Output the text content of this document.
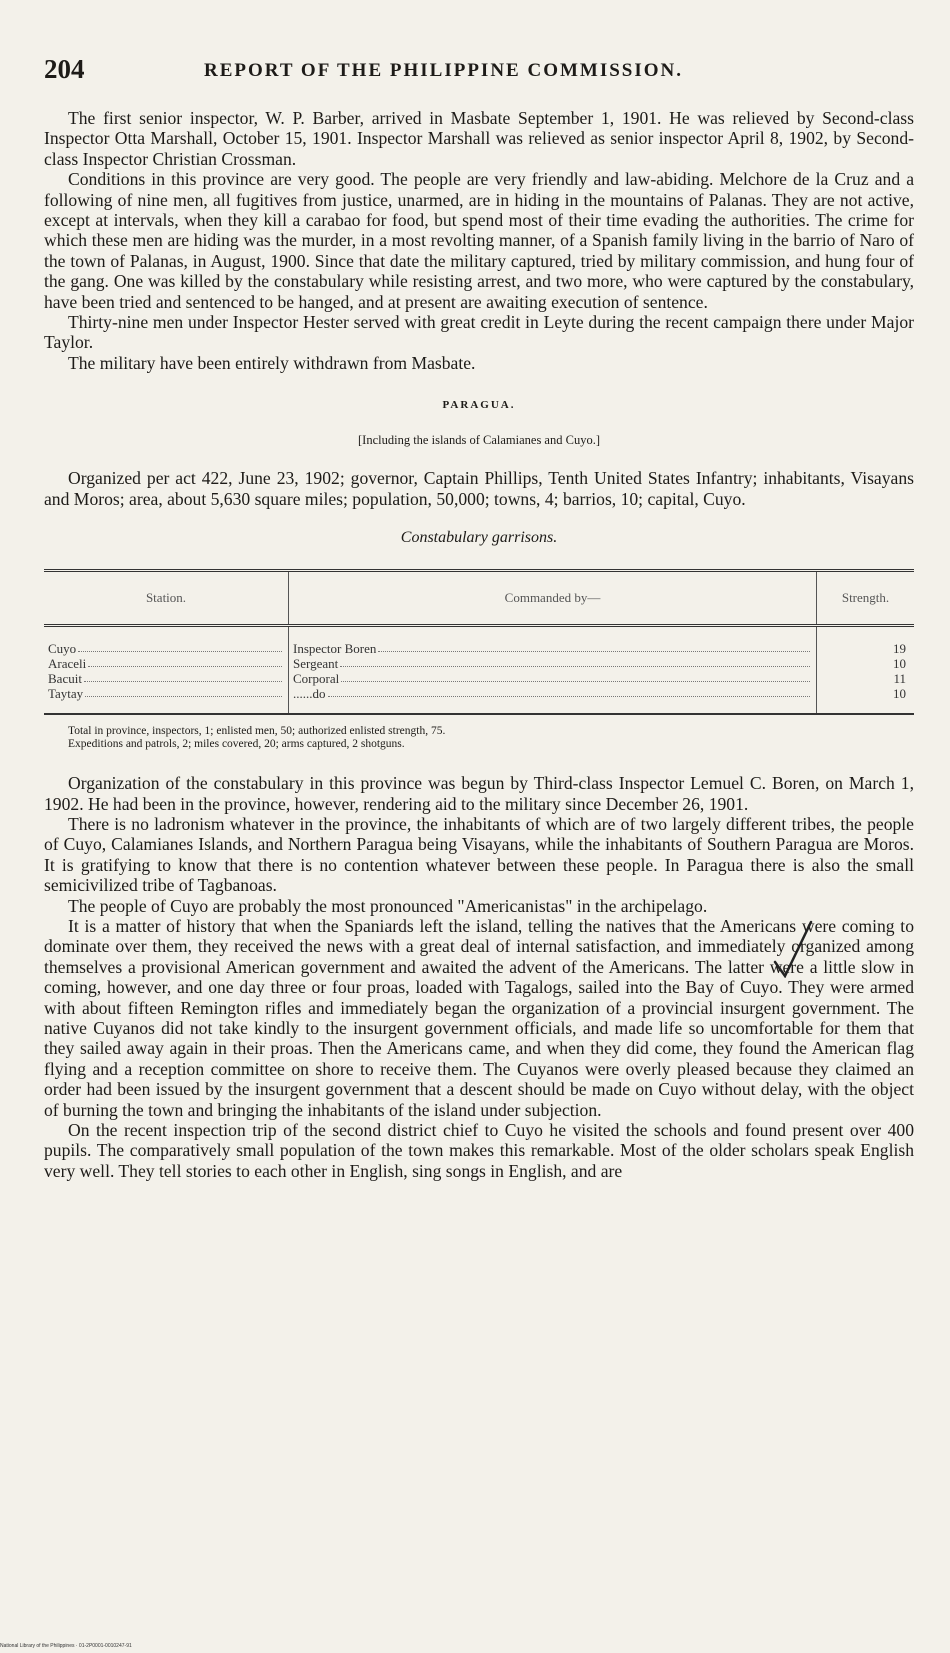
204	REPORT OF THE PHILIPPINE COMMISSION.

The first senior inspector, W. P. Barber, arrived in Masbate September 1, 1901. He was relieved by Second-class Inspector Otta Marshall, October 15, 1901. Inspector Marshall was relieved as senior inspector April 8, 1902, by Second-class Inspector Christian Crossman.

Conditions in this province are very good. The people are very friendly and law-abiding. Melchore de la Cruz and a following of nine men, all fugitives from justice, unarmed, are in hiding in the mountains of Palanas. They are not active, except at intervals, when they kill a carabao for food, but spend most of their time evading the authorities. The crime for which these men are hiding was the murder, in a most revolting manner, of a Spanish family living in the barrio of Naro of the town of Palanas, in August, 1900. Since that date the military captured, tried by military commission, and hung four of the gang. One was killed by the constabulary while resisting arrest, and two more, who were captured by the constabulary, have been tried and sentenced to be hanged, and at present are awaiting execution of sentence.

Thirty-nine men under Inspector Hester served with great credit in Leyte during the recent campaign there under Major Taylor.

The military have been entirely withdrawn from Masbate.

PARAGUA.
[Including the islands of Calamianes and Cuyo.]

Organized per act 422, June 23, 1902; governor, Captain Phillips, Tenth United States Infantry; inhabitants, Visayans and Moros; area, about 5,630 square miles; population, 50,000; towns, 4; barrios, 10; capital, Cuyo.

Constabulary garrisons.
Station.	Commanded by—	Strength.

Cuyo	Inspector Boren	19

Araceli	Sergeant	10

Bacuit	Corporal	11

Taytay	......do	10
Total in province, inspectors, 1; enlisted men, 50; authorized enlisted strength, 75.
Expeditions and patrols, 2; miles covered, 20; arms captured, 2 shotguns.

Organization of the constabulary in this province was begun by Third-class Inspector Lemuel C. Boren, on March 1, 1902. He had been in the province, however, rendering aid to the military since December 26, 1901.

There is no ladronism whatever in the province, the inhabitants of which are of two largely different tribes, the people of Cuyo, Calamianes Islands, and Northern Paragua being Visayans, while the inhabitants of Southern Paragua are Moros. It is gratifying to know that there is no contention whatever between these people. In Paragua there is also the small semicivilized tribe of Tagbanoas.

The people of Cuyo are probably the most pronounced "Americanistas" in the archipelago.

It is a matter of history that when the Spaniards left the island, telling the natives that the Americans were coming to dominate over them, they received the news with a great deal of internal satisfaction, and immediately organized among themselves a provisional American government and awaited the advent of the Americans. The latter were a little slow in coming, however, and one day three or four proas, loaded with Tagalogs, sailed into the Bay of Cuyo. They were armed with about fifteen Remington rifles and immediately began the organization of a provincial insurgent government. The native Cuyanos did not take kindly to the insurgent government officials, and made life so uncomfortable for them that they sailed away again in their proas. Then the Americans came, and when they did come, they found the American flag flying and a reception committee on shore to receive them. The Cuyanos were overly pleased because they claimed an order had been issued by the insurgent government that a descent should be made on Cuyo without delay, with the object of burning the town and bringing the inhabitants of the island under subjection.

On the recent inspection trip of the second district chief to Cuyo he visited the schools and found present over 400 pupils. The comparatively small population of the town makes this remarkable. Most of the older scholars speak English very well. They tell stories to each other in English, sing songs in English, and are

National Library of the Philippines · 01-2P0001-0010247-91
